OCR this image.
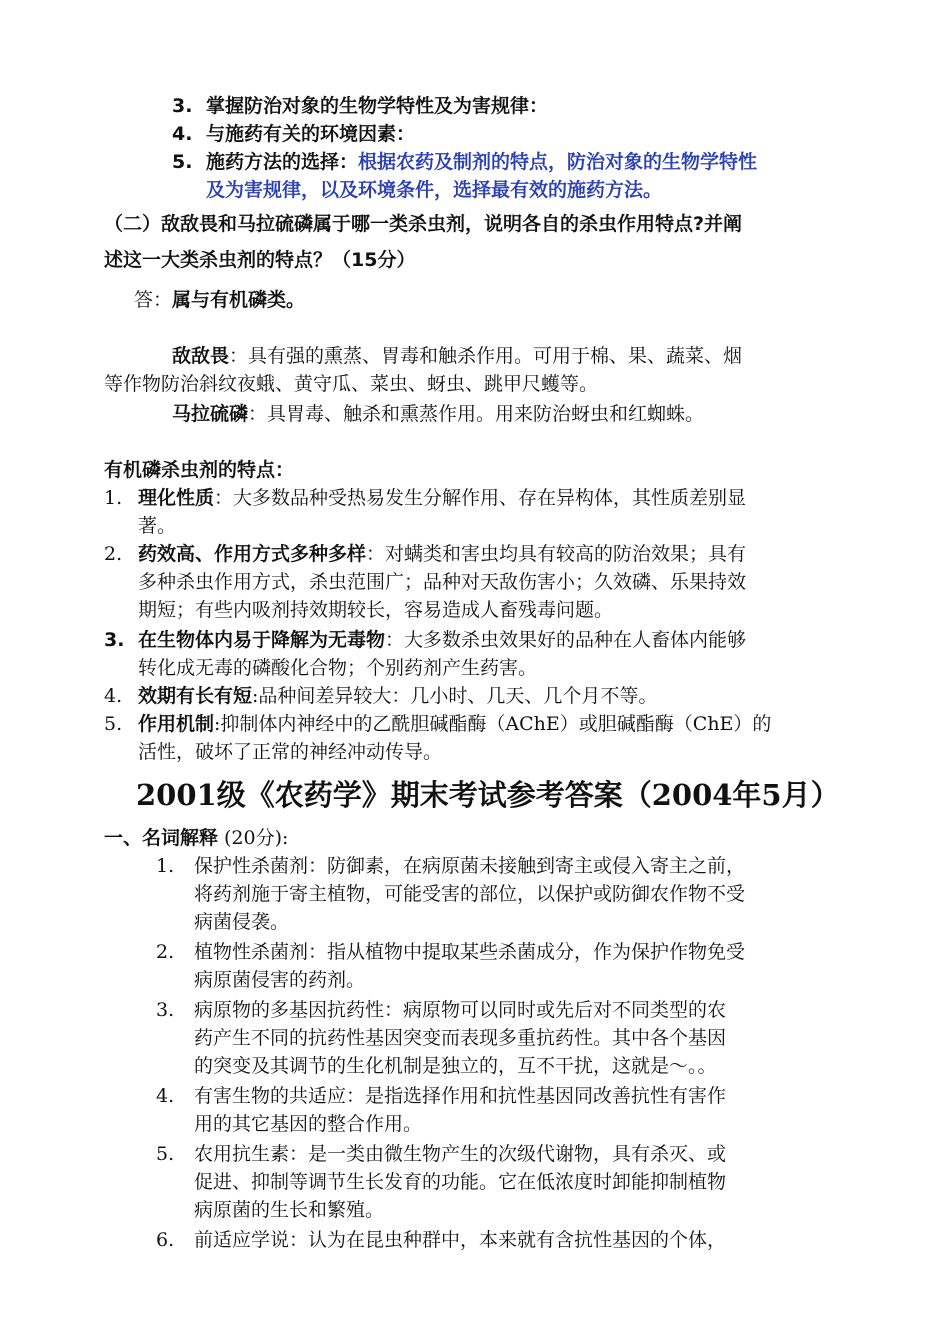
3. 掌握防治对象的生物学特性及为害规律：
4. 与施药有关的环境因素：
5. 施药方法的选择：根据农药及制剂的特点，防治对象的生物学特性
及为害规律，以及环境条件，选择最有效的施药方法。
（二）敌敌畏和马拉硫磷属于哪一类杀虫剂，说明各自的杀虫作用特点?并阐
述这一大类杀虫剂的特点？（15分）
答：属与有机磷类。
敌敌畏：具有强的熏蒸、胃毒和触杀作用。可用于棉、果、蔬菜、烟
等作物防治斜纹夜蛾、黄守瓜、菜虫、蚜虫、跳甲尺蠖等。
马拉硫磷：具胃毒、触杀和熏蒸作用。用来防治蚜虫和红蜘蛛。
有机磷杀虫剂的特点：
1. 理化性质：大多数品种受热易发生分解作用、存在异构体，其性质差别显
著。
2. 药效高、作用方式多种多样：对螨类和害虫均具有较高的防治效果；具有
多种杀虫作用方式，杀虫范围广；品种对天敌伤害小；久效磷、乐果持效
期短；有些内吸剂持效期较长，容易造成人畜残毒问题。
3. 在生物体内易于降解为无毒物：大多数杀虫效果好的品种在人畜体内能够
转化成无毒的磷酸化合物；个别药剂产生药害。
4. 效期有长有短:品种间差异较大：几小时、几天、几个月不等。
5. 作用机制:抑制体内神经中的乙酰胆碱酯酶（AChE）或胆碱酯酶（ChE）的
活性，破坏了正常的神经冲动传导。
2001级《农药学》期末考试参考答案（2004年5月）
一、名词解释 (20分):
1. 保护性杀菌剂：防御素，在病原菌未接触到寄主或侵入寄主之前，
将药剂施于寄主植物，可能受害的部位，以保护或防御农作物不受
病菌侵袭。
2. 植物性杀菌剂：指从植物中提取某些杀菌成分，作为保护作物免受
病原菌侵害的药剂。
3. 病原物的多基因抗药性：病原物可以同时或先后对不同类型的农
药产生不同的抗药性基因突变而表现多重抗药性。其中各个基因
的突变及其调节的生化机制是独立的，互不干扰，这就是～。。
4. 有害生物的共适应：是指选择作用和抗性基因同改善抗性有害作
用的其它基因的整合作用。
5. 农用抗生素：是一类由微生物产生的次级代谢物，具有杀灭、或
促进、抑制等调节生长发育的功能。它在低浓度时卸能抑制植物
病原菌的生长和繁殖。
6. 前适应学说：认为在昆虫种群中，本来就有含抗性基因的个体，
